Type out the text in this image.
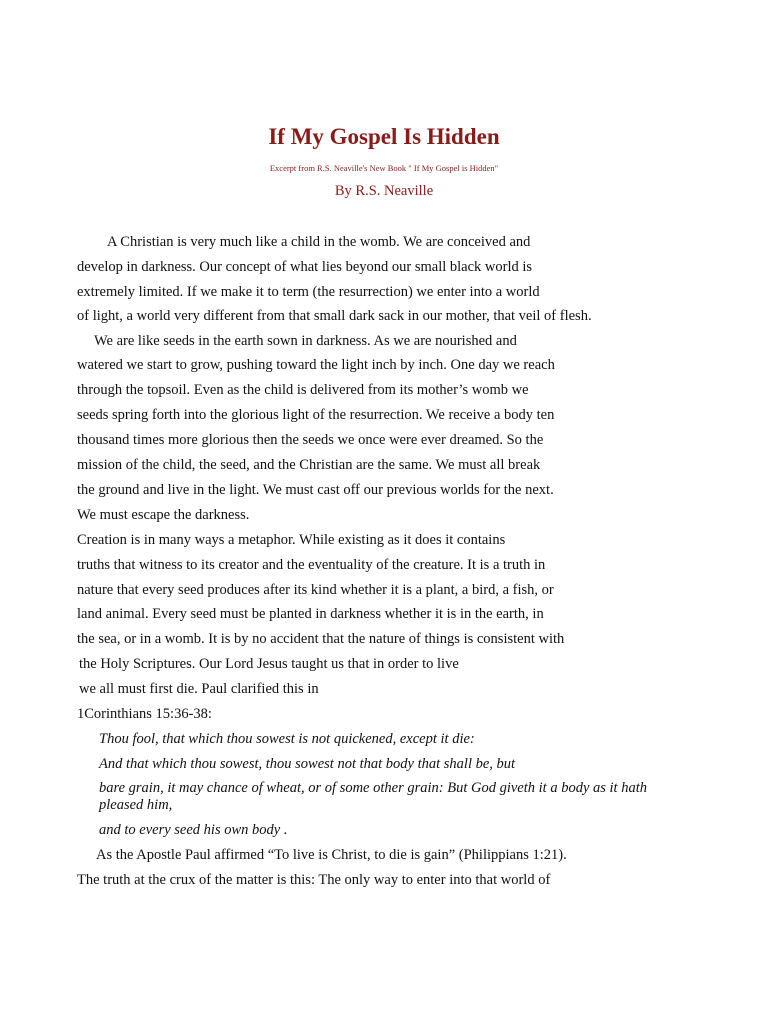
If My Gospel Is Hidden
Excerpt from R.S. Neaville's New Book " If My Gospel is Hidden"
By R.S. Neaville
A Christian is very much like a child in the womb. We are conceived and
develop in darkness. Our concept of what lies beyond our small black world is
extremely limited. If we make it to term (the resurrection) we enter into a world
of light, a world very different from that small dark sack in our mother, that veil of flesh.
We are like seeds in the earth sown in darkness. As we are nourished and
watered we start to grow, pushing toward the light inch by inch. One day we reach
through the topsoil. Even as the child is delivered from its mother’s womb we
seeds spring forth into the glorious light of the resurrection. We receive a body ten
thousand times more glorious then the seeds we once were ever dreamed. So the
mission of the child, the seed, and the Christian are the same. We must all break
the ground and live in the light. We must cast off our previous worlds for the next.
We must escape the darkness.
Creation is in many ways a metaphor. While existing as it does it contains
truths that witness to its creator and the eventuality of the creature. It is a truth in
nature that every seed produces after its kind whether it is a plant, a bird, a fish, or
land animal. Every seed must be planted in darkness whether it is in the earth, in
the sea, or in a womb. It is by no accident that the nature of things is consistent with
the Holy Scriptures. Our Lord Jesus taught us that in order to live
we all must first die. Paul clarified this in
1Corinthians 15:36-38:
Thou fool, that which thou sowest is not quickened, except it die:
And that which thou sowest, thou sowest not that body that shall be, but
bare grain, it may chance of wheat, or of some other grain: But God giveth it a body as it hath
pleased him,
and to every seed his own body .
As the Apostle Paul affirmed “To live is Christ, to die is gain” (Philippians 1:21).
The truth at the crux of the matter is this: The only way to enter into that world of
